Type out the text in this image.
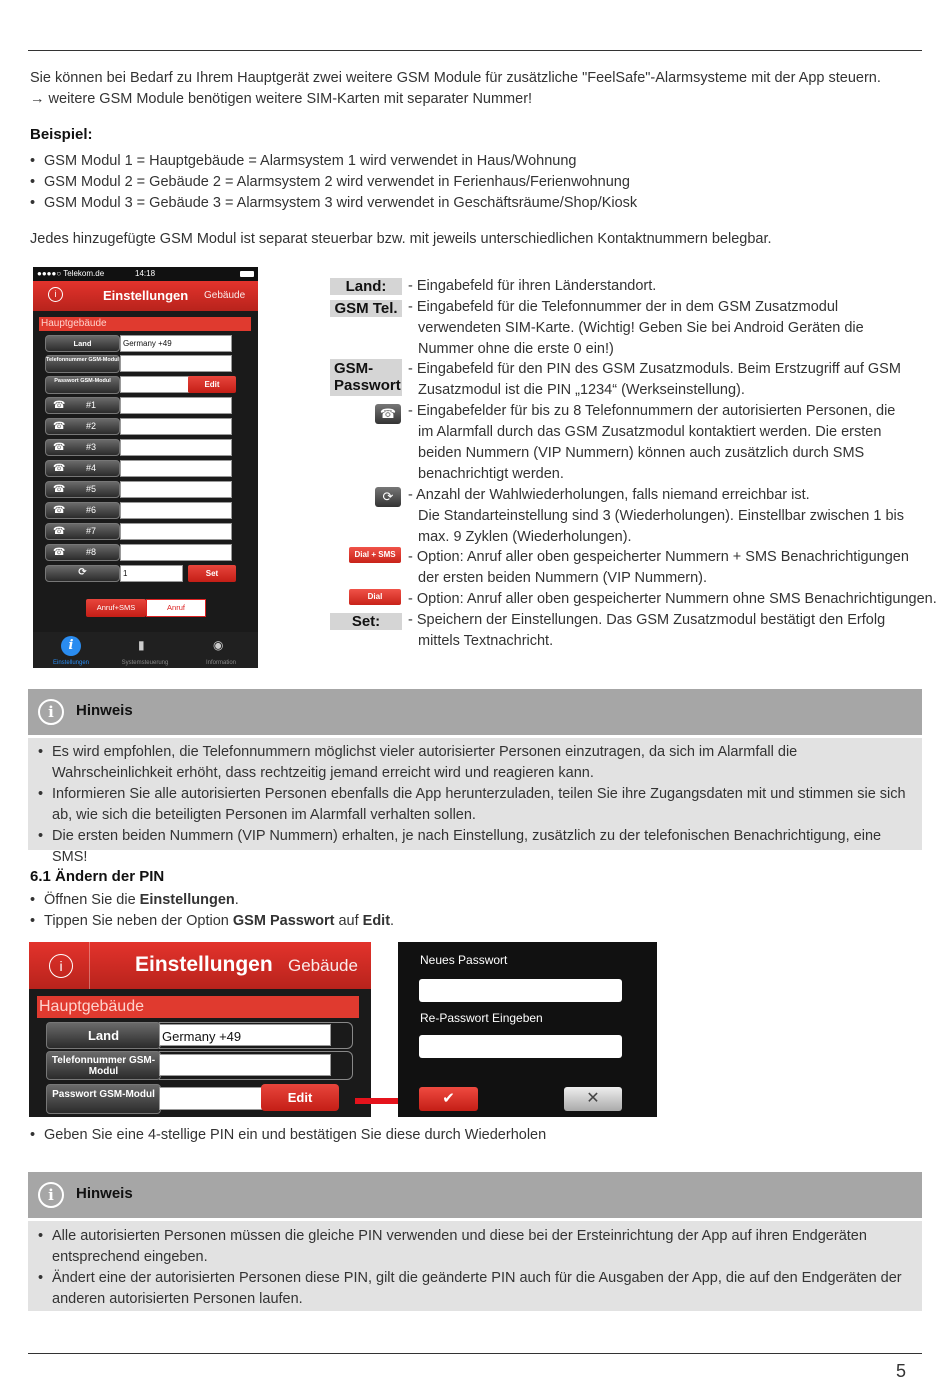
Sie können bei Bedarf zu Ihrem Hauptgerät zwei weitere GSM Module für zusätzliche "FeelSafe"-Alarmsysteme mit der App steuern.
→ weitere GSM Module benötigen weitere SIM-Karten mit separater Nummer!
Beispiel:
• GSM Modul 1 = Hauptgebäude = Alarmsystem 1 wird verwendet in Haus/Wohnung
• GSM Modul 2 = Gebäude 2 = Alarmsystem 2 wird verwendet in Ferienhaus/Ferienwohnung
• GSM Modul 3 = Gebäude 3 = Alarmsystem 3 wird verwendet in Geschäftsräume/Shop/Kiosk
Jedes hinzugefügte GSM Modul ist separat steuerbar bzw. mit jeweils unterschiedlichen Kontaktnummern belegbar.
●●●●○ Telekom.de	14:18
i	Einstellungen Gebäude
Hauptgebäude
Land	Germany +49
Telefonnummer GSM-Modul
Passwort GSM-Modul	Edit
☎ #1
☎ #2
☎ #3
☎ #4
☎ #5
☎ #6
☎ #7
☎ #8
⟳	1	Set
Anruf+SMS	Anruf
i	▮	◉
Einstellungen	Systemsteuerung	Information
Land:	- Eingabefeld für ihren Länderstandort.
GSM Tel. - Eingabefeld für die Telefonnummer der in dem GSM Zusatzmodul
verwendeten SIM-Karte. (Wichtig! Geben Sie bei Android Geräten die
Nummer ohne die erste 0 ein!)
GSM-
Passwort
- Eingabefeld für den PIN des GSM Zusatzmoduls. Beim Erstzugriff auf GSM
Zusatzmodul ist die PIN „1234“ (Werkseinstellung).
☎ - Eingabefelder für bis zu 8 Telefonnummern der autorisierten Personen, die
im Alarmfall durch das GSM Zusatzmodul kontaktiert werden. Die ersten
beiden Nummern (VIP Nummern) können auch zusätzlich durch SMS
benachrichtigt werden.
⟳	- Anzahl der Wahlwiederholungen, falls niemand erreichbar ist.
Die Standarteinstellung sind 3 (Wiederholungen). Einstellbar zwischen 1 bis
max. 9 Zyklen (Wiederholungen).
Dial + SMS - Option: Anruf aller oben gespeicherter Nummern + SMS Benachrichtigungen
der ersten beiden Nummern (VIP Nummern).
Dial	- Option: Anruf aller oben gespeicherter Nummern ohne SMS Benachrichtigungen.
Set:	- Speichern der Einstellungen. Das GSM Zusatzmodul bestätigt den Erfolg
mittels Textnachricht.
i	Hinweis
• Es wird empfohlen, die Telefonnummern möglichst vieler autorisierter Personen einzutragen, da sich im Alarmfall die Wahrscheinlichkeit erhöht, dass rechtzeitig jemand erreicht wird und reagieren kann.
• Informieren Sie alle autorisierten Personen ebenfalls die App herunterzuladen, teilen Sie ihre Zugangsdaten mit und stimmen sie sich ab, wie sich die beteiligten Personen im Alarmfall verhalten sollen.
• Die ersten beiden Nummern (VIP Nummern) erhalten, je nach Einstellung, zusätzlich zu der telefonischen Benachrichtigung, eine SMS!
6.1 Ändern der PIN
• Öffnen Sie die Einstellungen.
• Tippen Sie neben der Option GSM Passwort auf Edit.
i	Einstellungen Gebäude
Hauptgebäude
Land	Germany +49
Telefonnummer GSM-Modul
Passwort GSM-Modul	Edit
Neues Passwort
Re-Passwort Eingeben
✔	✕
• Geben Sie eine 4-stellige PIN ein und bestätigen Sie diese durch Wiederholen
i	Hinweis
• Alle autorisierten Personen müssen die gleiche PIN verwenden und diese bei der Ersteinrichtung der App auf ihren Endgeräten entsprechend eingeben.
• Ändert eine der autorisierten Personen diese PIN, gilt die geänderte PIN auch für die Ausgaben der App, die auf den Endgeräten der anderen autorisierten Personen laufen.
5
